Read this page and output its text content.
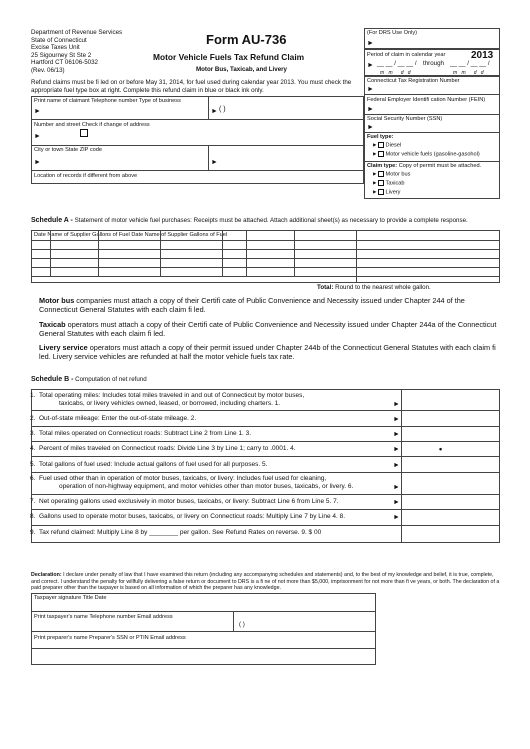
Department of Revenue Services
State of Connecticut
Excise Taxes Unit
25 Sigourney St Ste 2
Hartford CT 06106-5032
(Rev. 06/13)
Form AU-736
Motor Vehicle Fuels Tax Refund Claim
Motor Bus, Taxicab, and Livery
Refund claims must be fi led on or before May 31, 2014, for fuel used during calendar year 2013. You must check the appropriate fuel type box at right. Complete this refund claim in blue or black ink only.
(For DRS Use Only)
►
Period of claim in calendar year	2013
► __ __ / __ __ / through __ __ / __ __ /
m m d d	m m d d
Print name of claimant Telephone number Type of business
►	► ( )
Number and street Check if change of address
►
City or town State ZIP code
►	►
Location of records if different from above
Connecticut Tax Registration Number
►
Federal Employer Identifi cation Number (FEIN)
►
Social Security Number (SSN)
►
Fuel type:
► Diesel
► Motor vehicle fuels (gasoline-gasohol)
Claim type: Copy of permit must be attached.
► Motor bus
► Taxicab
► Livery
Schedule A - Statement of motor vehicle fuel purchases: Receipts must be attached. Attach additional sheet(s) as necessary to provide a complete response.
Date Name of Supplier Gallons of Fuel Date Name of Supplier Gallons of Fuel
Total: Round to the nearest whole gallon.
Motor bus companies must attach a copy of their Certifi cate of Public Convenience and Necessity issued under Chapter 244 of the Connecticut General Statutes with each claim fi led.
Taxicab operators must attach a copy of their Certifi cate of Public Convenience and Necessity issued under Chapter 244a of the Connecticut General Statutes with each claim fi led.
Livery service operators must attach a copy of their permit issued under Chapter 244b of the Connecticut General Statutes with each claim fi led. Livery service vehicles are refunded at half the motor vehicle fuels tax rate.
Schedule B - Computation of net refund
1. Total operating miles: Includes total miles traveled in and out of Connecticut by motor buses,
taxicabs, or livery vehicles owned, leased, or borrowed, including charters. 1.	►
2. Out-of-state mileage: Enter the out-of-state mileage. 2.	►
3. Total miles operated on Connecticut roads: Subtract Line 2 from Line 1. 3.	►
4. Percent of miles traveled on Connecticut roads: Divide Line 3 by Line 1; carry to .0001. 4.	►	•
5. Total gallons of fuel used: Include actual gallons of fuel used for all purposes. 5.	►
6. Fuel used other than in operation of motor buses, taxicabs, or livery: Includes fuel used for cleaning,
operation of non-highway equipment, and motor vehicles other than motor buses, taxicabs, or livery. 6.	►
7. Net operating gallons used exclusively in motor buses, taxicabs, or livery: Subtract Line 6 from Line 5. 7.	►
8. Gallons used to operate motor buses, taxicabs, or livery on Connecticut roads: Multiply Line 7 by Line 4. 8.	►
9. Tax refund claimed: Multiply Line 8 by ________ per gallon. See Refund Rates on reverse. 9. $ 00
Declaration: I declare under penalty of law that I have examined this return (including any accompanying schedules and statements) and, to the best of my knowledge and belief, it is true, complete, and correct. I understand the penalty for willfully delivering a false return or document to DRS is a fi ne of not more than $5,000, imprisonment for not more than fi ve years, or both. The declaration of a paid preparer other than the taxpayer is based on all information of which the preparer has any knowledge.
Taxpayer signature Title Date
Print taxpayer's name Telephone number Email address
( )
Print preparer's name Preparer's SSN or PTIN Email address
